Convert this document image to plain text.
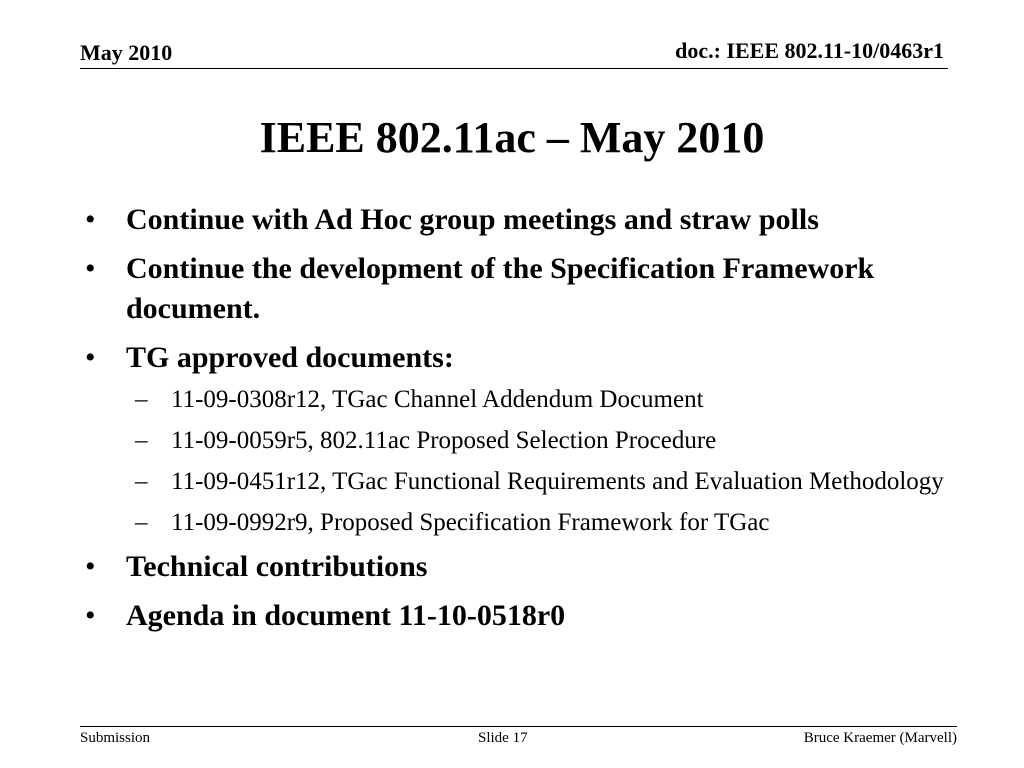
May 2010	doc.: IEEE 802.11-10/0463r1
IEEE 802.11ac – May 2010
• Continue with Ad Hoc group meetings and straw polls
• Continue the development of the Specification Framework document.
• TG approved documents:
– 11-09-0308r12, TGac Channel Addendum Document
– 11-09-0059r5, 802.11ac Proposed Selection Procedure
– 11-09-0451r12, TGac Functional Requirements and Evaluation Methodology
– 11-09-0992r9, Proposed Specification Framework for TGac
• Technical contributions
• Agenda in document 11-10-0518r0
Submission	Slide 17	Bruce Kraemer (Marvell)
